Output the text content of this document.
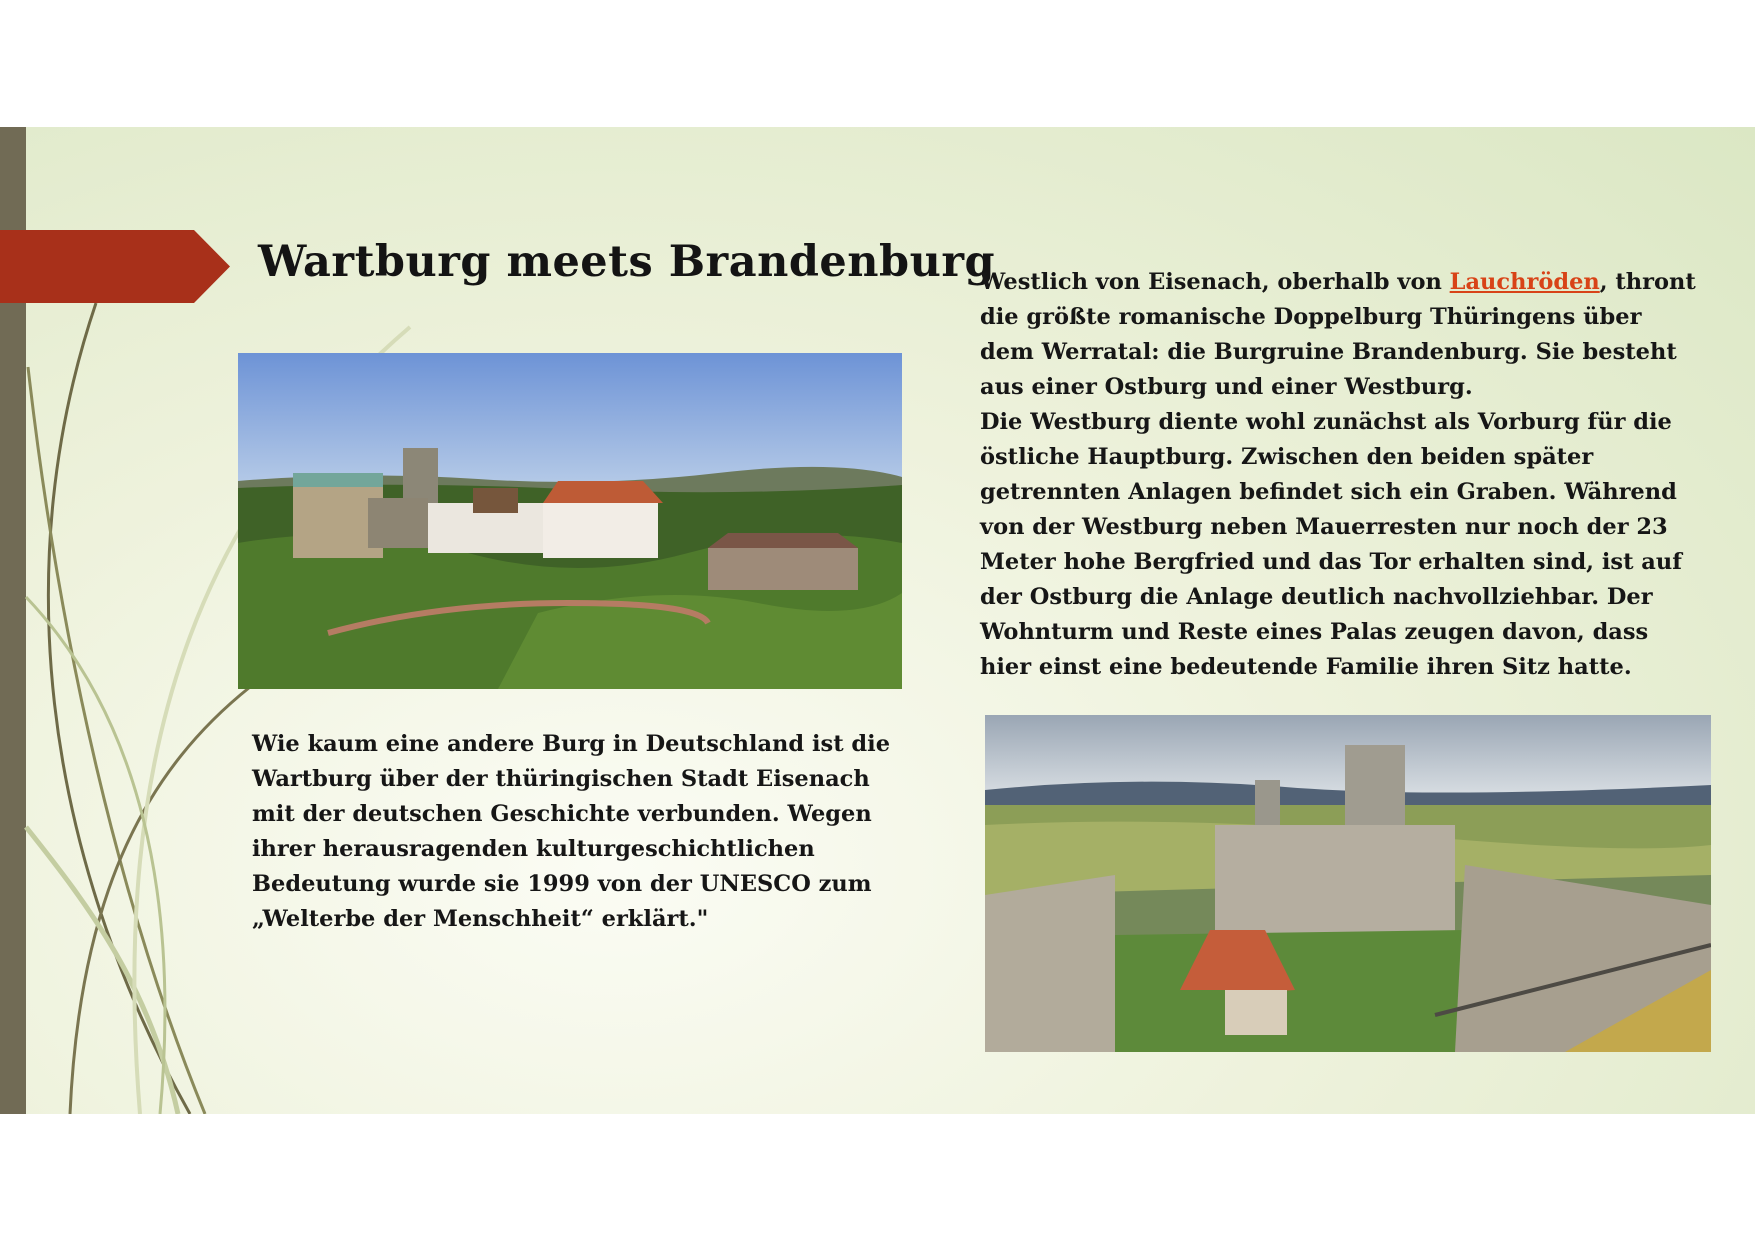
Wartburg meets Brandenburg

Wie kaum eine andere Burg in Deutschland ist die Wartburg über der thüringischen Stadt Eisenach mit der deutschen Geschichte verbunden. Wegen ihrer herausragenden kulturgeschichtlichen Bedeutung wurde sie 1999 von der UNESCO zum „Welterbe der Menschheit“ erklärt."

Westlich von Eisenach, oberhalb von Lauchröden, thront die größte romanische Doppelburg Thüringens über dem Werratal: die Burgruine Brandenburg. Sie besteht aus einer Ostburg und einer Westburg.
Die Westburg diente wohl zunächst als Vorburg für die östliche Hauptburg. Zwischen den beiden später getrennten Anlagen befindet sich ein Graben. Während von der Westburg neben Mauerresten nur noch der 23 Meter hohe Bergfried und das Tor erhalten sind, ist auf der Ostburg die Anlage deutlich nachvollziehbar. Der Wohnturm und Reste eines Palas zeugen davon, dass hier einst eine bedeutende Familie ihren Sitz hatte.
